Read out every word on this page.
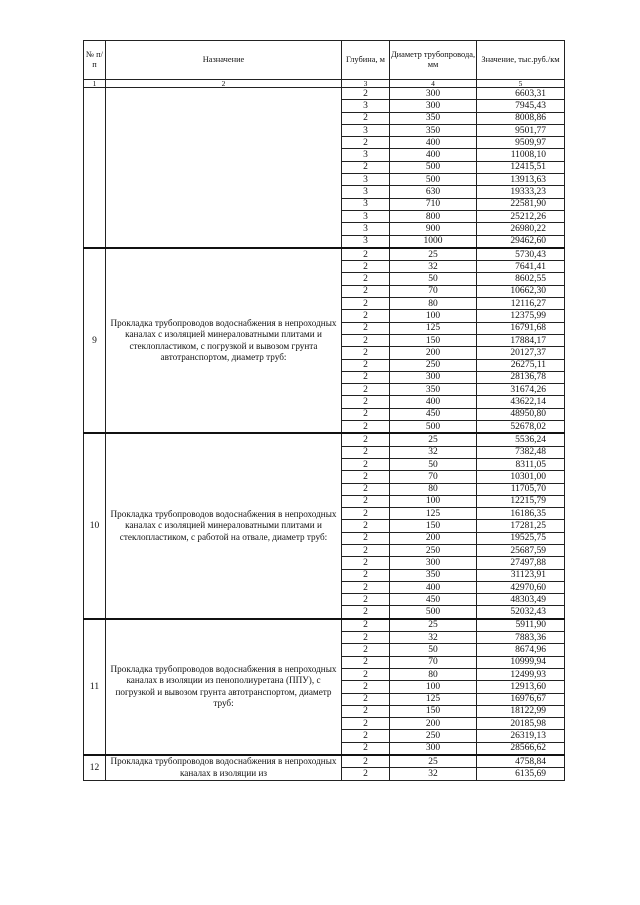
№ п/п	Назначение	Глубина, м	Диаметр трубопровода, мм	Значение, тыс.руб./км
1	2	3	4	5
		2	300	6603,31
		3	300	7945,43
		2	350	8008,86
		3	350	9501,77
		2	400	9509,97
		3	400	11008,10
		2	500	12415,51
		3	500	13913,63
		3	630	19333,23
		3	710	22581,90
		3	800	25212,26
		3	900	26980,22
		3	1000	29462,60
9	Прокладка трубопроводов водоснабжения в непроходных каналах с изоляцией минераловатными плитами и стеклопластиком, с погрузкой и вывозом грунта автотранспортом, диаметр труб:	2	25	5730,43
		2	32	7641,41
		2	50	8602,55
		2	70	10662,30
		2	80	12116,27
		2	100	12375,99
		2	125	16791,68
		2	150	17884,17
		2	200	20127,37
		2	250	26275,11
		2	300	28136,78
		2	350	31674,26
		2	400	43622,14
		2	450	48950,80
		2	500	52678,02
10	Прокладка трубопроводов водоснабжения в непроходных каналах с изоляцией минераловатными плитами и стеклопластиком, с работой на отвале, диаметр труб:	2	25	5536,24
		2	32	7382,48
		2	50	8311,05
		2	70	10301,00
		2	80	11705,70
		2	100	12215,79
		2	125	16186,35
		2	150	17281,25
		2	200	19525,75
		2	250	25687,59
		2	300	27497,88
		2	350	31123,91
		2	400	42970,60
		2	450	48303,49
		2	500	52032,43
11	Прокладка трубопроводов водоснабжения в непроходных каналах в изоляции из пенополиуретана (ППУ), с погрузкой и вывозом грунта автотранспортом, диаметр труб:	2	25	5911,90
		2	32	7883,36
		2	50	8674,96
		2	70	10999,94
		2	80	12499,93
		2	100	12913,60
		2	125	16976,67
		2	150	18122,99
		2	200	20185,98
		2	250	26319,13
		2	300	28566,62
12	Прокладка трубопроводов водоснабжения в непроходных каналах в изоляции из	2	25	4758,84
		2	32	6135,69
